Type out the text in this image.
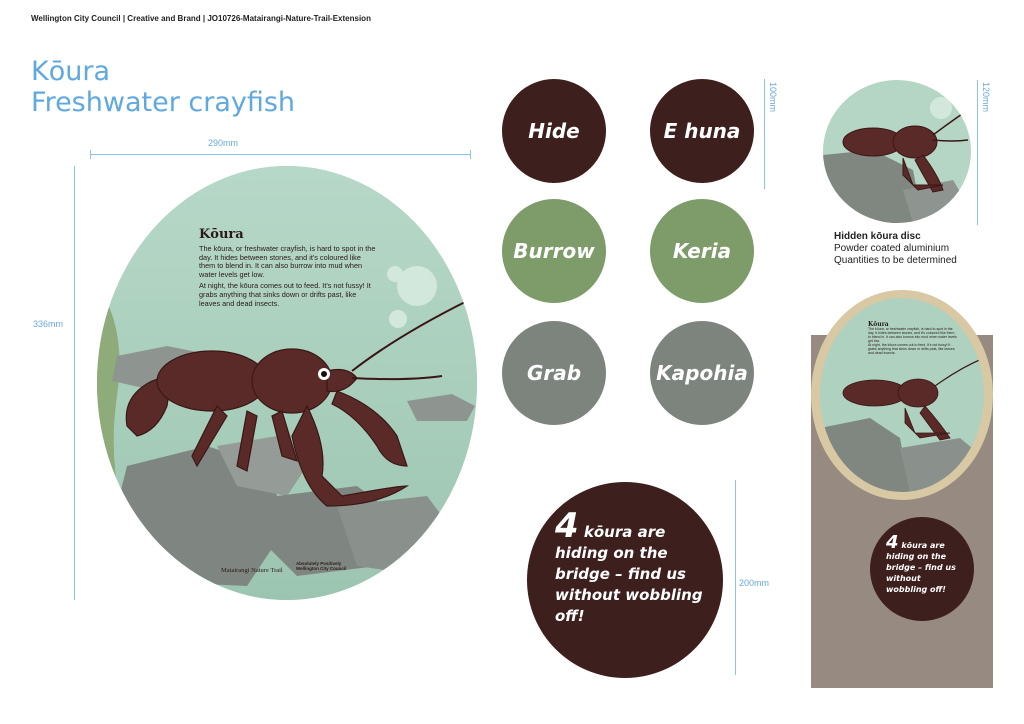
Wellington City Council | Creative and Brand | JO10726-Matairangi-Nature-Trail-Extension
Kōura
Freshwater crayfish
290mm
336mm
Kōura

The kōura, or freshwater crayfish, is hard to spot in the day. It hides between stones, and it's coloured like them to blend in. It can also burrow into mud when water levels get low.

At night, the kōura comes out to feed. It's not fussy! It grabs anything that sinks down or drifts past, like leaves and dead insects.

Matairangi Nature Trail
Absolutely Positively Wellington City Council
Hide	E huna
Burrow	Keria
Grab	Kapohia
100mm
4 kōura are hiding on the bridge – find us without wobbling off!
200mm
120mm
Hidden kōura disc
Powder coated aluminium
Quantities to be determined
Kōura
The kōura, or freshwater crayfish, is hard to spot in the day. It hides between stones, and it's coloured like them to blend in. It can also burrow into mud when water levels get low.
At night, the kōura comes out to feed. It's not fussy! It grabs anything that sinks down or drifts past, like leaves and dead insects.
4 kōura are hiding on the bridge – find us without wobbling off!
